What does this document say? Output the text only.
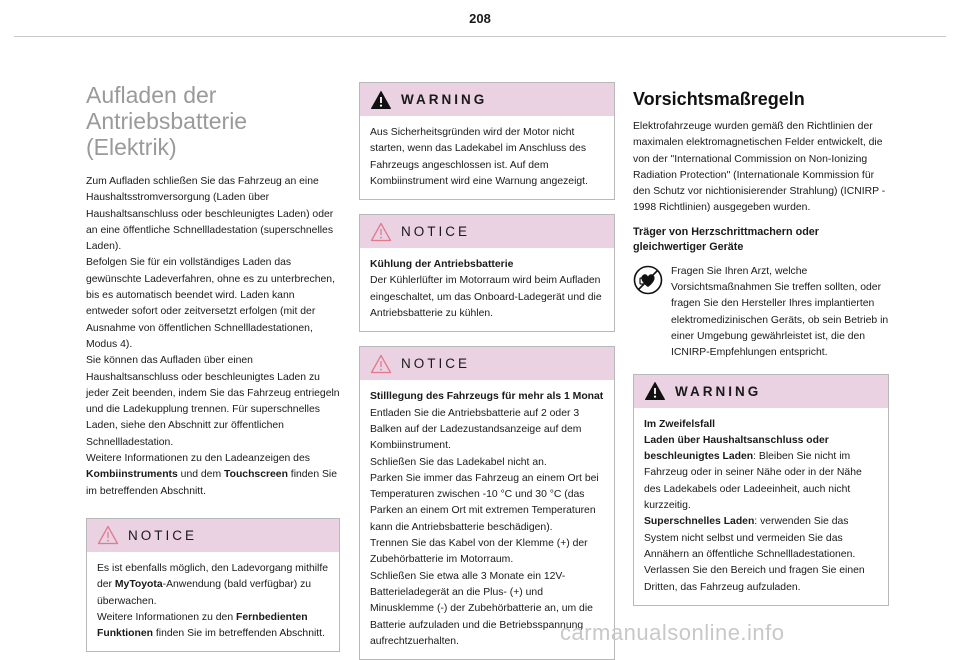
208
Aufladen der Antriebsbatterie
(Elektrik)

Zum Aufladen schließen Sie das Fahrzeug an eine Haushaltsstromversorgung (Laden über Haushaltsanschluss oder beschleunigtes Laden) oder an eine öffentliche Schnellladestation (superschnelles Laden).
Befolgen Sie für ein vollständiges Laden das gewünschte Ladeverfahren, ohne es zu unterbrechen, bis es automatisch beendet wird. Laden kann entweder sofort oder zeitversetzt erfolgen (mit der Ausnahme von öffentlichen Schnellladestationen, Modus 4).
Sie können das Aufladen über einen Haushaltsanschluss oder beschleunigtes Laden zu jeder Zeit beenden, indem Sie das Fahrzeug entriegeln und die Ladekupplung trennen. Für superschnelles Laden, siehe den Abschnitt zur öffentlichen Schnellladestation.
Weitere Informationen zu den Ladeanzeigen des Kombiinstruments und dem Touchscreen finden Sie im betreffenden Abschnitt.

NOTICE

Es ist ebenfalls möglich, den Ladevorgang mithilfe der MyToyota-Anwendung (bald verfügbar) zu überwachen.
Weitere Informationen zu den Fernbedienten Funktionen finden Sie im betreffenden Abschnitt.

WARNING

Aus Sicherheitsgründen wird der Motor nicht starten, wenn das Ladekabel im Anschluss des Fahrzeugs angeschlossen ist. Auf dem Kombiinstrument wird eine Warnung angezeigt.

NOTICE
Kühlung der Antriebsbatterie

Der Kühlerlüfter im Motorraum wird beim Aufladen eingeschaltet, um das Onboard-Ladegerät und die Antriebsbatterie zu kühlen.

NOTICE
Stilllegung des Fahrzeugs für mehr als 1 Monat

Entladen Sie die Antriebsbatterie auf 2 oder 3 Balken auf der Ladezustandsanzeige auf dem Kombiinstrument.
Schließen Sie das Ladekabel nicht an.
Parken Sie immer das Fahrzeug an einem Ort bei Temperaturen zwischen -10 °C und 30 °C (das Parken an einem Ort mit extremen Temperaturen kann die Antriebsbatterie beschädigen).
Trennen Sie das Kabel von der Klemme (+) der Zubehörbatterie im Motorraum.
Schließen Sie etwa alle 3 Monate ein 12V-Batterieladegerät an die Plus- (+) und Minusklemme (-) der Zubehörbatterie an, um die Batterie aufzuladen und die Betriebsspannung aufrechtzuerhalten.

Vorsichtsmaßregeln

Elektrofahrzeuge wurden gemäß den Richtlinien der maximalen elektromagnetischen Felder entwickelt, die von der "International Commission on Non-Ionizing Radiation Protection" (Internationale Kommission für den Schutz vor nichtionisierender Strahlung) (ICNIRP - 1998 Richtlinien) ausgegeben wurden.

Träger von Herzschrittmachern oder gleichwertiger Geräte

Fragen Sie Ihren Arzt, welche Vorsichtsmaßnahmen Sie treffen sollten, oder fragen Sie den Hersteller Ihres implantierten elektromedizinischen Geräts, ob sein Betrieb in einer Umgebung gewährleistet ist, die den ICNIRP-Empfehlungen entspricht.

WARNING

Im Zweifelsfall
Laden über Haushaltsanschluss oder beschleunigtes Laden: Bleiben Sie nicht im Fahrzeug oder in seiner Nähe oder in der Nähe des Ladekabels oder Ladeeinheit, auch nicht kurzzeitig.
Superschnelles Laden: verwenden Sie das System nicht selbst und vermeiden Sie das Annähern an öffentliche Schnellladestationen.
Verlassen Sie den Bereich und fragen Sie einen Dritten, das Fahrzeug aufzuladen.

carmanualsonline.info
